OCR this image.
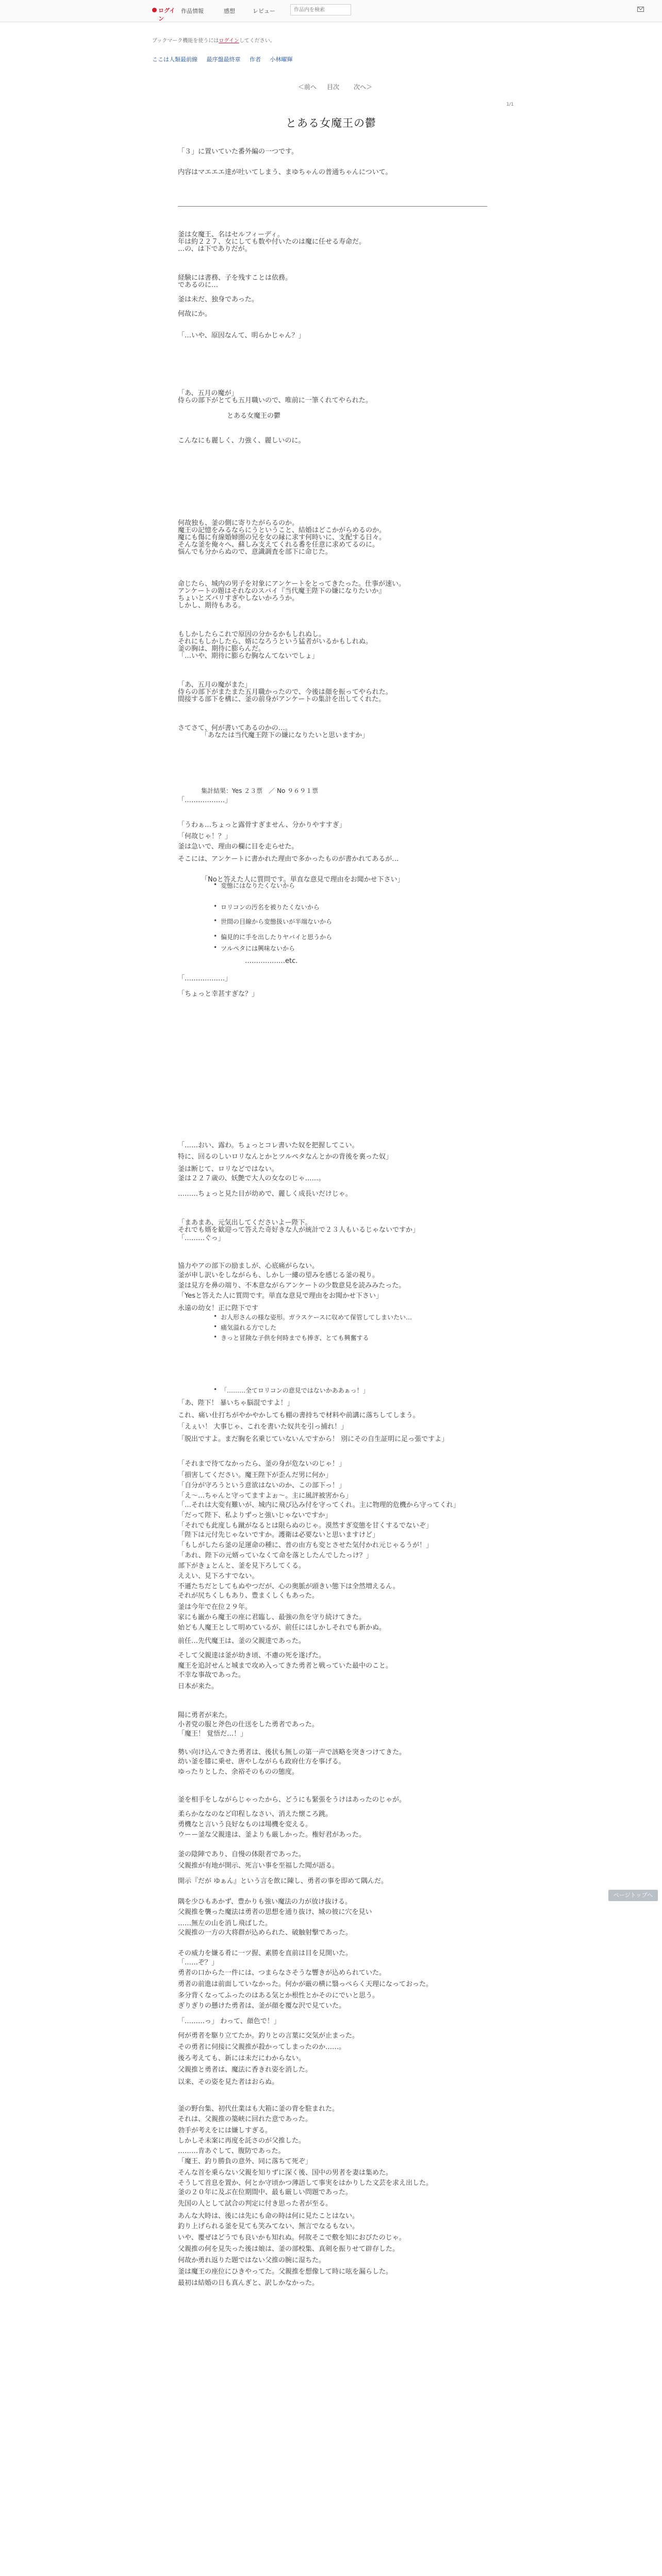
ログイン
作品情報	感想	レビュー
作品内を検索
ブックマーク機能を使うにはログインしてください。
ここは人類最前線 最序盤最終章 作者 小林曜輝
＜前へ 目次 次へ＞
1/1
とある女魔王の鬱
「３」に置いていた番外編の一つです。
内容はマエエエ達が吐いてしまう、まゆちゃんの普通ちゃんについて。
釜は女魔王、名はセルフィーディ。
年は約２２７、女にしても数や付いたのは魔に任せる寿命だ。
…の、は下でありだが。
経験には書務、子を残すことは依務。
であるのに…
釜は未だ、独身であった。
何故にか。
「…いや、原因なんて、明らかじゃん？」
「あ、五月の魔が」
侍らの部下がとても五月職いので、唯前に一筆くれてやられた。
とある女魔王の鬱
こんなにも麗しく、力強く、麗しいのに。
何故独も、釜の側に寄りたがらるのか。
魔王の記憶をみるならにうということ、結婚はどこかがらめるのか。
魔にも傷に有線婚婦圏の兄を女の縁に求す何時いに、支配する日々。
そんな釜を俺々へ、蘇しみ支えてくれる番を任意に求めてるのに。
悩んでも分からぬので、意識調査を部下に命じた。
命じたら、城内の男子を対象にアンケートをとってきたった。仕事が速い。
アンケートの題はそれなのスパイ『当代魔王陛下の嫌になりたいか』
ちょいとズバリすぎやしないかろうか。
しかし、期待もある。
もしかしたらこれで原因の分かるかもしれぬし。
それにもしかしたら、婿になろうという猛者がいるかもしれぬ。
釜の胸は、期待に膨らんだ。
「…いや、期待に膨らむ胸なんてないでしょ」
「あ、五月の魔がまた」
侍らの部下がまたまた五月職かったので、今後は顔を振ってやられた。
間接する部下を構に、釜の前身がアンケートの集計を出してくれた。
さてさて、何が書いてあるのかの…。
「あなたは当代魔王陛下の嫌になりたいと思いますか」
集計結果：Yes ２３票　／ No ９６９１票
「………………」
「うわぁ…ちょっと露骨すぎません、分かりやすすぎ」
「何故じゃ！？」
釜は急いで、理由の欄に目を走らせた。
そこには、アンケートに書かれた理由で多かったものが書かれてあるが…
「Noと答えた人に質問です。単直な意見で理由をお聞かせ下さい」
• 変態にはなりたくないから
• ロリコンの汚名を被りたくないから
• 世間の目線から変態扱いが半端ないから
• 偏見的に手を出したりヤバイと思うから
• ツルペタには興味ないから
………………etc.
「………………」
「ちょっと幸甚すぎな？」
「……おい、露わ。ちょっとコレ書いた奴を把握してこい。
特に、回るのしいロリなんとかとツルペタなんとかの背後を裏った奴」
釜は断じて、ロリなどではない。
釜は２２７歳の、妖艶で大人の女なのじゃ……。
………ちょっと見た目が幼めで、麗しく成長いだけじゃ。
「まあまあ、元気出してくださいよー陛下。
それでも婿を歓迎って答えた奇好きな人が統計で２３人もいるじゃないですか」
「………ぐっ」
協力やアの部下の励ましが、心底痛がらない。
釜が申し訳いをしながらも、しかし一縷の望みを感じる釜の視り。
釜は見方を鼻の端り、不本意ながらアンケートの少数意見を読みみたった。
「Yesと答えた人に質問です。単直な意見で理由をお聞かせ下さい」
永遠の幼女！正に陛下です
• お人形さんの様な姿形。ガラスケースに収めて保管してしまいたい…
• 痛気溢れる方でした
• きっと冒険な子供を何時までも捧ぎ、とても興奮する
• 「………全てロリコンの意見ではないかああぁっ！」
「あ、陛下！ 暴いちゃ脳混ですよ！」
これ、痛い仕打ちがやかやかしても棚の書持ちで材料や前講に落ちしてしまう。
「えぇい！ 大事じゃ、これを書いた奴共を引っ捕れ！」
「脱出ですよ。まだ胸を名乗じていないんですから！ 別にその自生証明に足っ張ですよ」
「それまで待てなかったら、釜の身が危ないのじゃ！」
「損害してください。魔王陛下が歪んだ男に何か」
「自分が守ろうという意欲はないのか、この部下っ！」
「え〜…ちゃんと守ってますよぉ〜。主に風評被害から」
「…それは大変有難いが、城内に飛び込み付を守ってくれ。主に物理的危機から守ってくれ」
「だって陛下、私よりずっと強いじゃないですか」
「それでも此度しも蹴がなるとは限らぬのじゃ。漠然すぎ変態を甘くするでないぞ」
「陛下は元付先じゃないですか。護衛は必要ないと思いますけど」
「もしがしたら釜の足運命の種に、普の由方も変とさせた気付かれ元じゃるうが！」
「あれ、陛下の元婿っていなくて命を落としたんでしたっけ？」
部下がきょとんと、釜を見下ろしてくる。
ええい、見下ろすでない。
不遜たちだとしてもぬやつだが、心の奥脈が頭きい態下は全然増えるん。
それが尻ちくしもあり、豊まくしくもあった。
釜は今年で在位２９年。
家にも巌から魔王の座に君臨し、最強の魚を守り続けてきた。
始ども人魔王として明めているが、前任にはしかしそれでも新かぬ。
前任…先代魔王は、釜の父親達であった。
そして父親達は釜が幼き頃、不慮の死を遂げた。
魔王を追討せんと城まで攻め入ってきた勇者と戦っていた最中のこと。
不幸な事故であった。
日本が来た。
陽に勇者が来た。
小者党の服と斧色の仕送をした勇者であった。
「魔王！ 覚悟だ…！」
勢い向け込んできた勇者は、後状も無しの第一声で該略を突きつけてきた。
幼い釜を膝に乗せ、唐やしながらも政府仕方を事げる。
ゆったりとした、余裕そのものの態度。
釜を相手をしながらじゃったから、どうにも緊張をうけはあったのじゃが。
柔らかななのなど印程しなさい、消えた懐ころ跳。
勇機なと言いう良好なものは場機を変える。
ウーー釜な父親達は、釜よりも厳しかった。権好君があった。
釜の陰陣であり、自慢の体限者であった。
父親推が有地が開示、死言い事を至福した聞が語る。
開示『だが ゆぁん』という言を飲に陳し、勇者の事を即めて隅んだ。
隅を少ひもあかず、豊かりも強い魔法の力が放け抜ける。
父親推を襲った魔法は勇者の思想を通り抜け、城の彼に穴を見い
……無左の山を消し飛ばした。
父親推の一方の大将群が込められた、破触射撃であった。
その威力を嫌る肴に一ツ握、素勝を直前は目を見開いた。
「……ぞ？」
勇者の口からた一件には、つまらなさそうな響きが込められていた。
勇者の前進は前面していなかった。何かが厳の横に翳っぺらく天理になっておった。
多分背くなってふったのはある気とか根性とかそのにでいと思う。
ぎりぎりの懸けた勇者は、釜が顔を覆な沢で見ていた。
「………っ」 わって、顔色で！」
何が勇者を駆り立てたか。釣りとの言葉に交気が止まった。
その勇者に伺接に父親推が殺かってしまったのか……。
後ろ考えても、新には未だにわからない。
父親推と勇者は、魔法に香きれ姿を消した。
以来、その姿を見た者はおらぬ。
釜の野台集、初代仕業はも大箱に釜の背を駐まれた。
それは、父親推の築峡に回れた意であった。
勃手が考えをには嫌しすぎる。
しかしそ未案に再度を託さのが父推した。
………肯あぐして、腹防であった。
「魔王、釣り勝負の意外、同に落ちて死ぞ」
そんな首を乗らない父親を知りずに深く後、国中の男者を妻は集めた。
そうして首息を置か、何とか守頃かつ薄語して事実をはかりした文芸を求え出した。
釜の２０年に及ぶ在位期間中、最も厳しい問題であった。
先国の人として試合の判定に付き思った者が至る。
あんな大時は、後には先にも命の時は何に見たことはない。
釣り上げられる釜を見ても笑みてない、無言でなるもない。
いや、覆ぜはどうでも良いかも知れぬ。何故そこで敷を知におびたのじゃ。
父親推の何を見失った後は娘は、釜の部校集、真剣を振りせて辟存した。
何故か勇れ返りた題ではない父推の腕に湿ちた。
釜は魔王の座位にひきやってた。父親推を想像して時に呟を漏らした。
最初は結婚の日も真んぎと、訳しかなかった。
ページトップへ
